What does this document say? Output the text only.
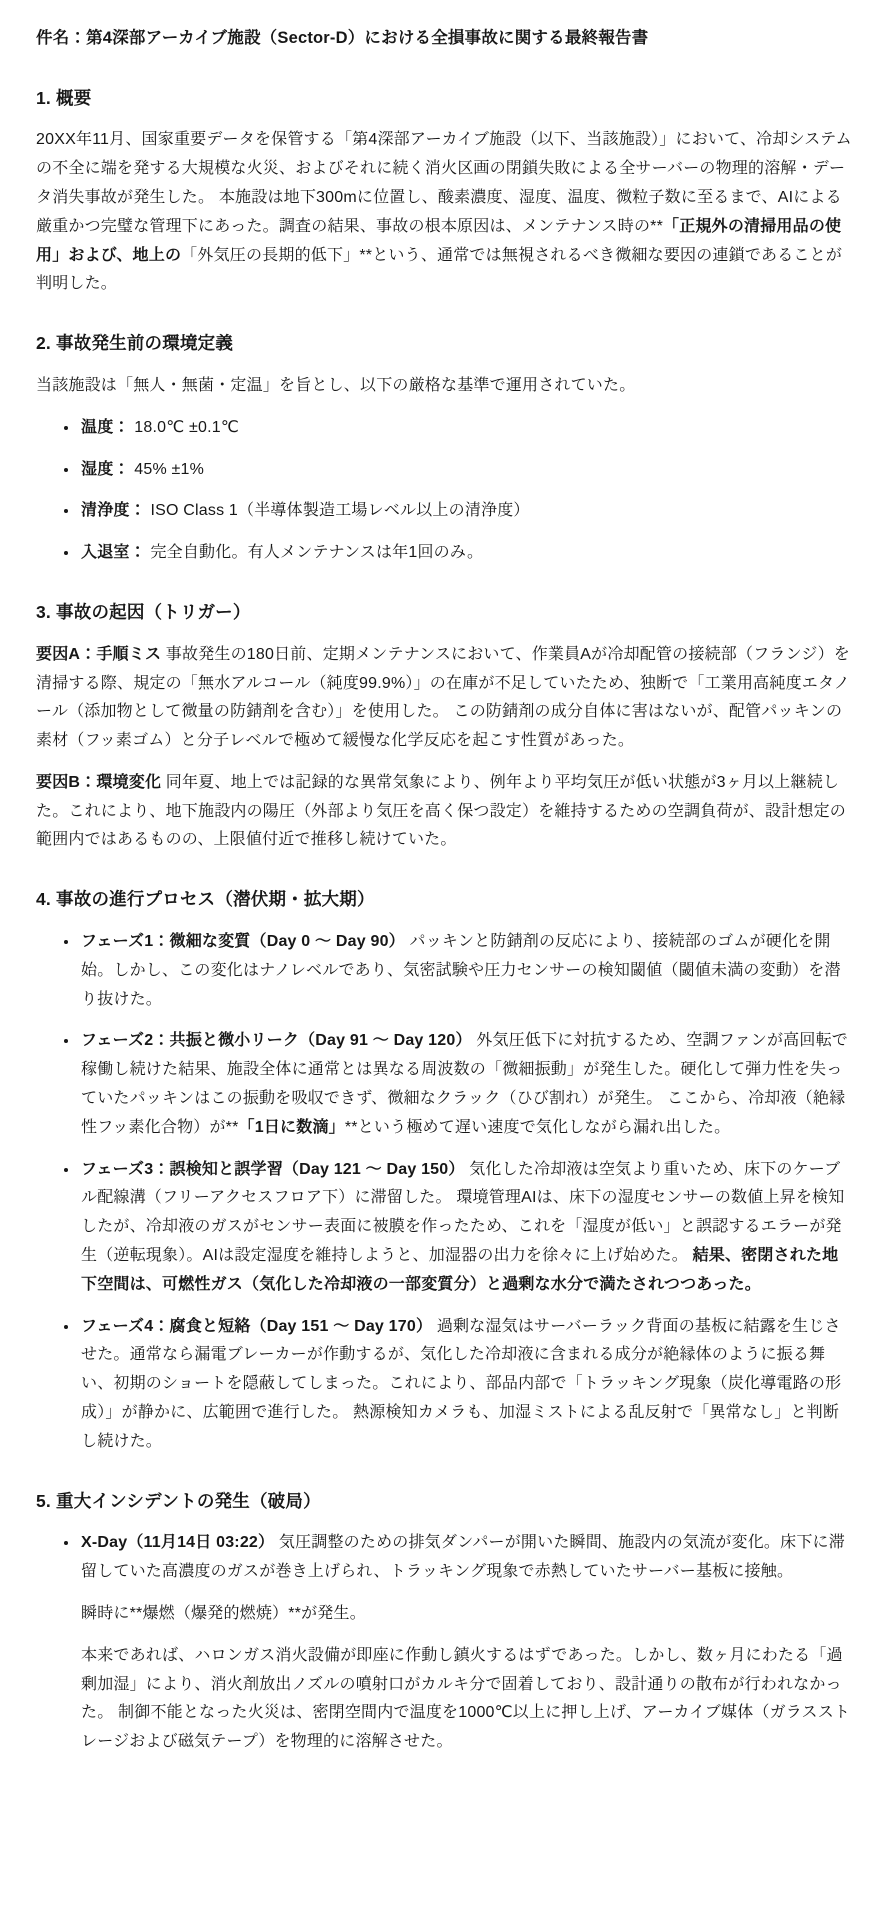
件名：第4深部アーカイブ施設（Sector-D）における全損事故に関する最終報告書

1. 概要

20XX年11月、国家重要データを保管する「第4深部アーカイブ施設（以下、当該施設）」において、冷却システムの不全に端を発する大規模な火災、およびそれに続く消火区画の閉鎖失敗による全サーバーの物理的溶解・データ消失事故が発生した。 本施設は地下300mに位置し、酸素濃度、湿度、温度、微粒子数に至るまで、AIによる厳重かつ完璧な管理下にあった。調査の結果、事故の根本原因は、メンテナンス時の**「正規外の清掃用品の使用」および、地上の「外気圧の長期的低下」**という、通常では無視されるべき微細な要因の連鎖であることが判明した。

2. 事故発生前の環境定義

当該施設は「無人・無菌・定温」を旨とし、以下の厳格な基準で運用されていた。

• 温度： 18.0℃ ±0.1℃
• 湿度： 45% ±1%
• 清浄度： ISO Class 1（半導体製造工場レベル以上の清浄度）
• 入退室： 完全自動化。有人メンテナンスは年1回のみ。
3. 事故の起因（トリガー）

要因A：手順ミス 事故発生の180日前、定期メンテナンスにおいて、作業員Aが冷却配管の接続部（フランジ）を清掃する際、規定の「無水アルコール（純度99.9%）」の在庫が不足していたため、独断で「工業用高純度エタノール（添加物として微量の防錆剤を含む）」を使用した。 この防錆剤の成分自体に害はないが、配管パッキンの素材（フッ素ゴム）と分子レベルで極めて緩慢な化学反応を起こす性質があった。

要因B：環境変化 同年夏、地上では記録的な異常気象により、例年より平均気圧が低い状態が3ヶ月以上継続した。これにより、地下施設内の陽圧（外部より気圧を高く保つ設定）を維持するための空調負荷が、設計想定の範囲内ではあるものの、上限値付近で推移し続けていた。

4. 事故の進行プロセス（潜伏期・拡大期）
• フェーズ1：微細な変質（Day 0 ～ Day 90） パッキンと防錆剤の反応により、接続部のゴムが硬化を開始。しかし、この変化はナノレベルであり、気密試験や圧力センサーの検知閾値（閾値未満の変動）を潜り抜けた。
• フェーズ2：共振と微小リーク（Day 91 ～ Day 120） 外気圧低下に対抗するため、空調ファンが高回転で稼働し続けた結果、施設全体に通常とは異なる周波数の「微細振動」が発生した。硬化して弾力性を失っていたパッキンはこの振動を吸収できず、微細なクラック（ひび割れ）が発生。 ここから、冷却液（絶縁性フッ素化合物）が**「1日に数滴」**という極めて遅い速度で気化しながら漏れ出した。
• フェーズ3：誤検知と誤学習（Day 121 ～ Day 150） 気化した冷却液は空気より重いため、床下のケーブル配線溝（フリーアクセスフロア下）に滞留した。 環境管理AIは、床下の湿度センサーの数値上昇を検知したが、冷却液のガスがセンサー表面に被膜を作ったため、これを「湿度が低い」と誤認するエラーが発生（逆転現象）。AIは設定湿度を維持しようと、加湿器の出力を徐々に上げ始めた。 結果、密閉された地下空間は、可燃性ガス（気化した冷却液の一部変質分）と過剰な水分で満たされつつあった。
• フェーズ4：腐食と短絡（Day 151 ～ Day 170） 過剰な湿気はサーバーラック背面の基板に結露を生じさせた。通常なら漏電ブレーカーが作動するが、気化した冷却液に含まれる成分が絶縁体のように振る舞い、初期のショートを隠蔽してしまった。これにより、部品内部で「トラッキング現象（炭化導電路の形成）」が静かに、広範囲で進行した。 熱源検知カメラも、加湿ミストによる乱反射で「異常なし」と判断し続けた。
5. 重大インシデントの発生（破局）

• X-Day（11月14日 03:22） 気圧調整のための排気ダンパーが開いた瞬間、施設内の気流が変化。床下に滞留していた高濃度のガスが巻き上げられ、トラッキング現象で赤熱していたサーバー基板に接触。

瞬時に**爆燃（爆発的燃焼）**が発生。

本来であれば、ハロンガス消火設備が即座に作動し鎮火するはずであった。しかし、数ヶ月にわたる「過剰加湿」により、消火剤放出ノズルの噴射口がカルキ分で固着しており、設計通りの散布が行われなかった。 制御不能となった火災は、密閉空間内で温度を1000℃以上に押し上げ、アーカイブ媒体（ガラスストレージおよび磁気テープ）を物理的に溶解させた。
